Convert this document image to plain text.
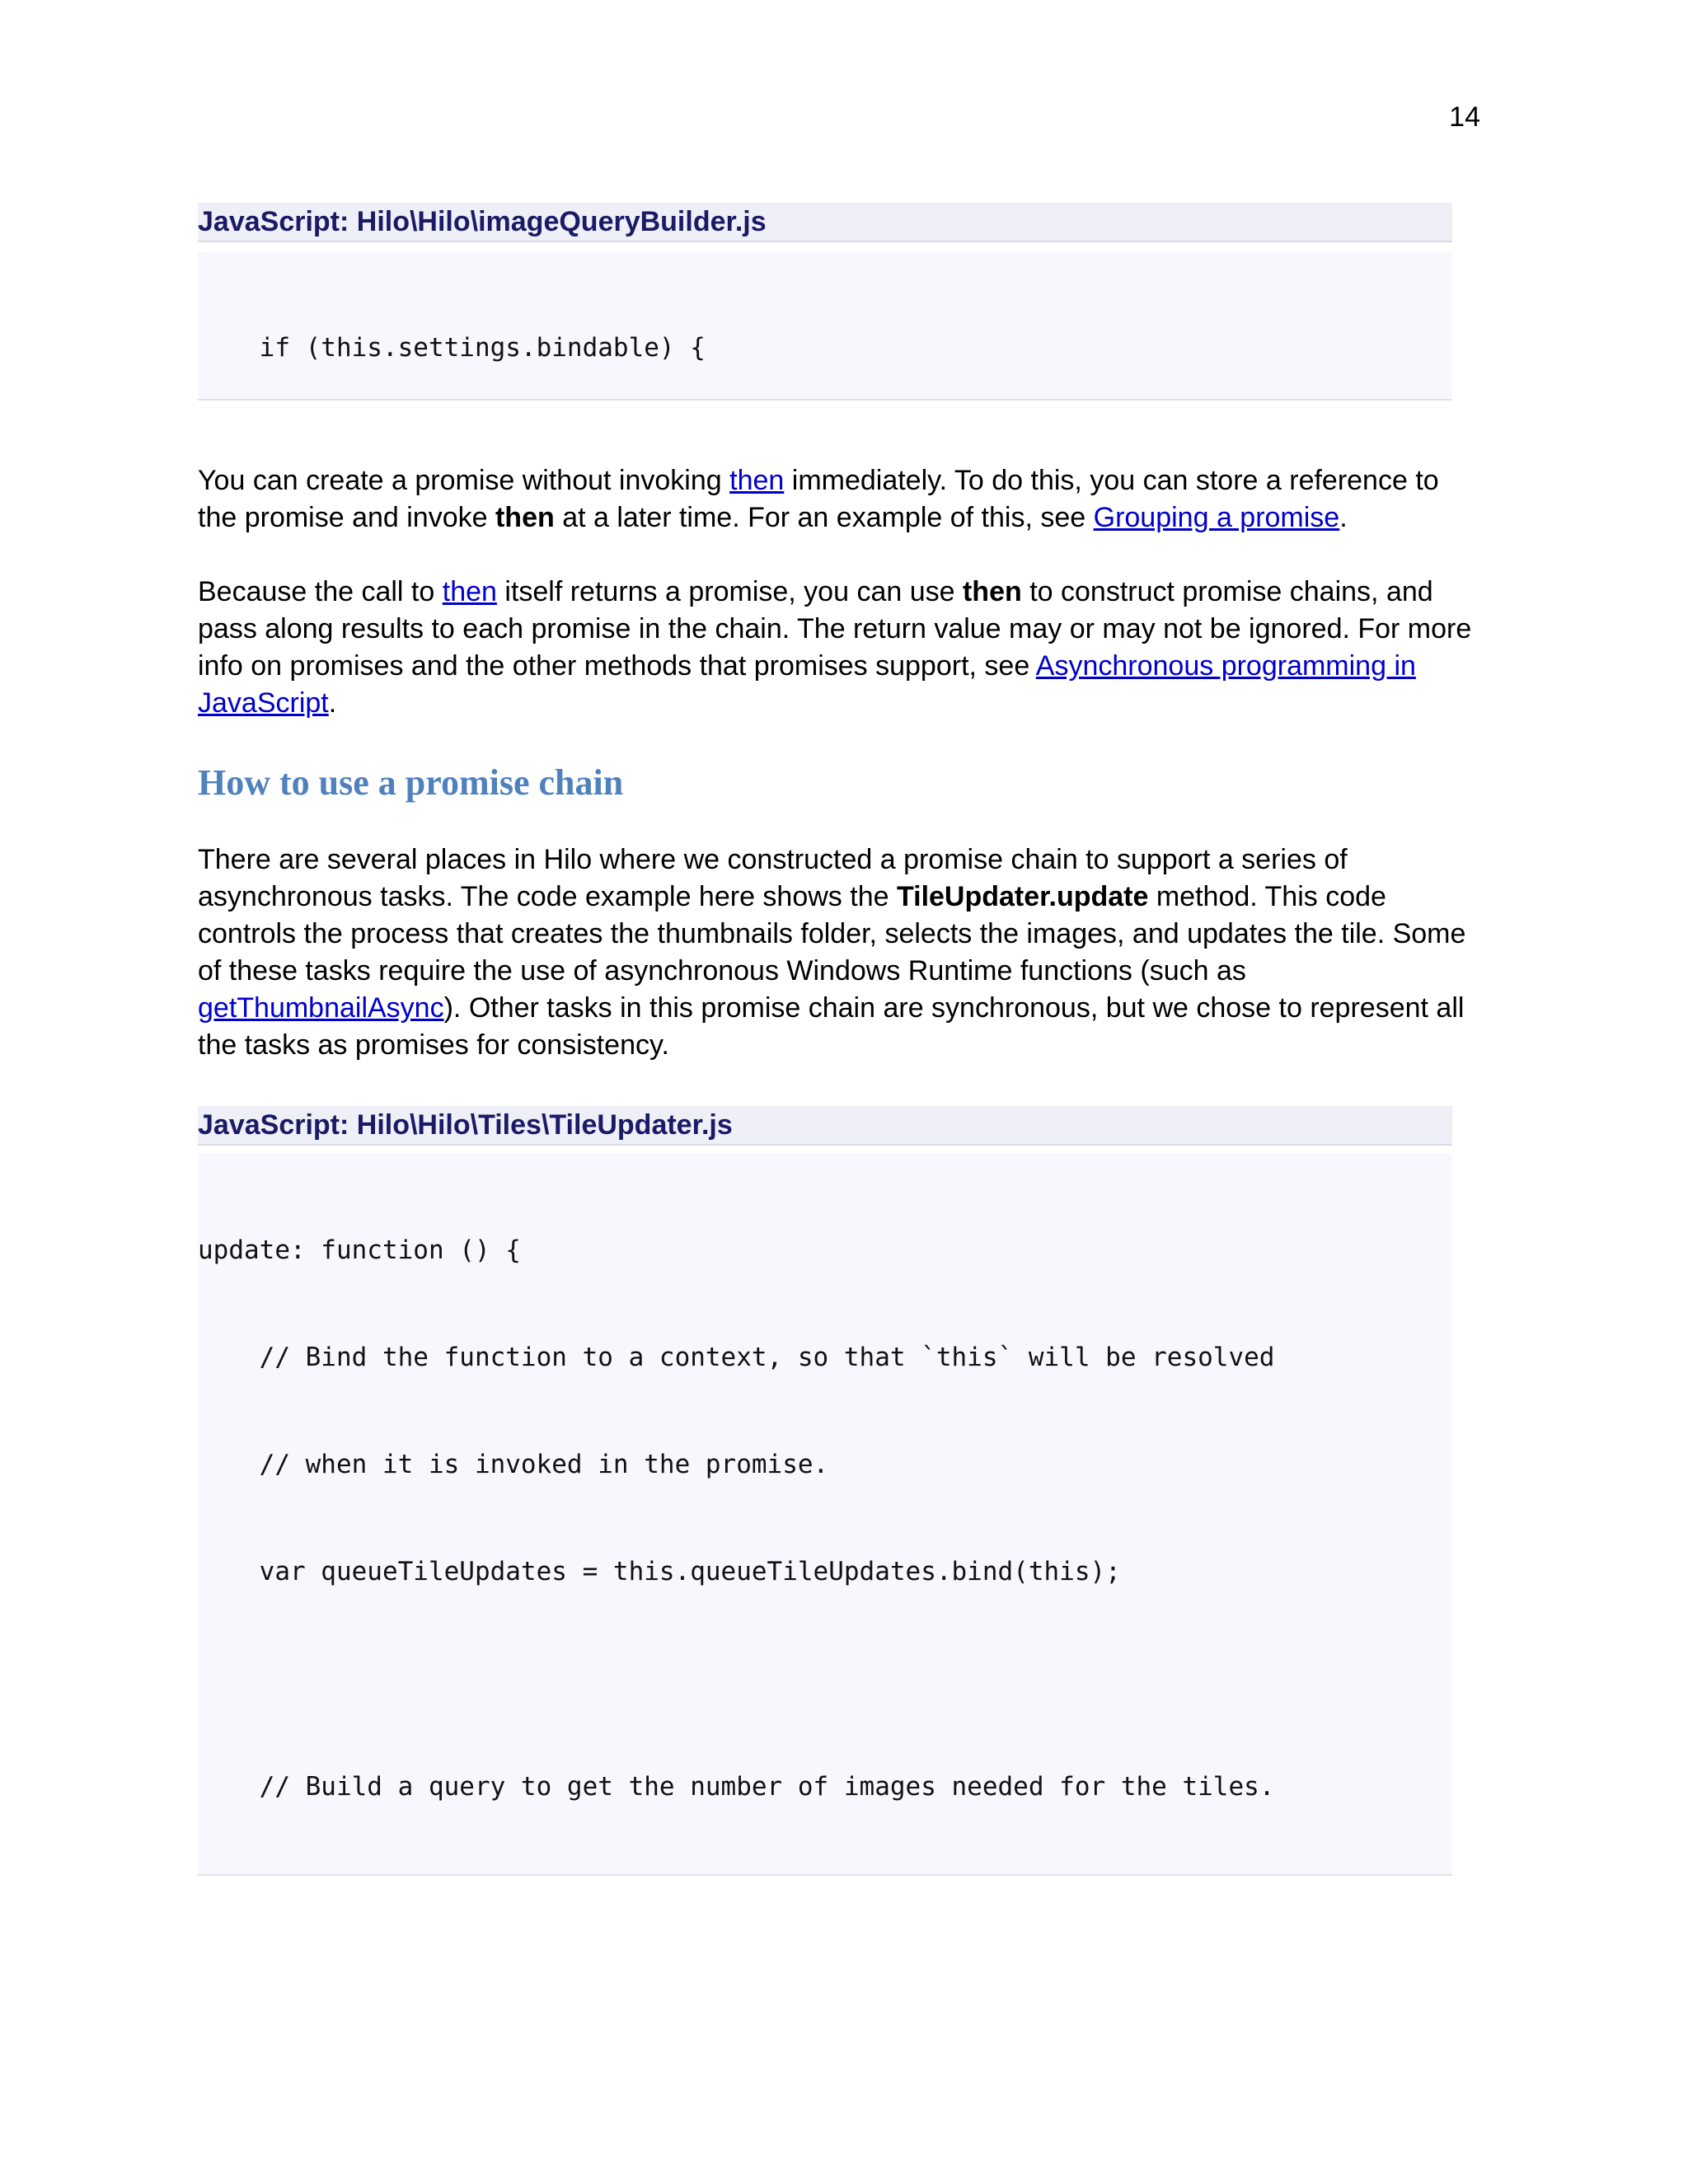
14
JavaScript: Hilo\Hilo\imageQueryBuilder.js

if (this.settings.bindable) {

You can create a promise without invoking then immediately. To do this, you can store a reference to the promise and invoke then at a later time. For an example of this, see Grouping a promise.

Because the call to then itself returns a promise, you can use then to construct promise chains, and pass along results to each promise in the chain. The return value may or may not be ignored. For more info on promises and the other methods that promises support, see Asynchronous programming in JavaScript.

How to use a promise chain

There are several places in Hilo where we constructed a promise chain to support a series of asynchronous tasks. The code example here shows the TileUpdater.update method. This code controls the process that creates the thumbnails folder, selects the images, and updates the tile. Some of these tasks require the use of asynchronous Windows Runtime functions (such as getThumbnailAsync). Other tasks in this promise chain are synchronous, but we chose to represent all the tasks as promises for consistency.

JavaScript: Hilo\Hilo\Tiles\TileUpdater.js

update: function () {

// Bind the function to a context, so that `this` will be resolved

// when it is invoked in the promise.

var queueTileUpdates = this.queueTileUpdates.bind(this);

// Build a query to get the number of images needed for the tiles.
